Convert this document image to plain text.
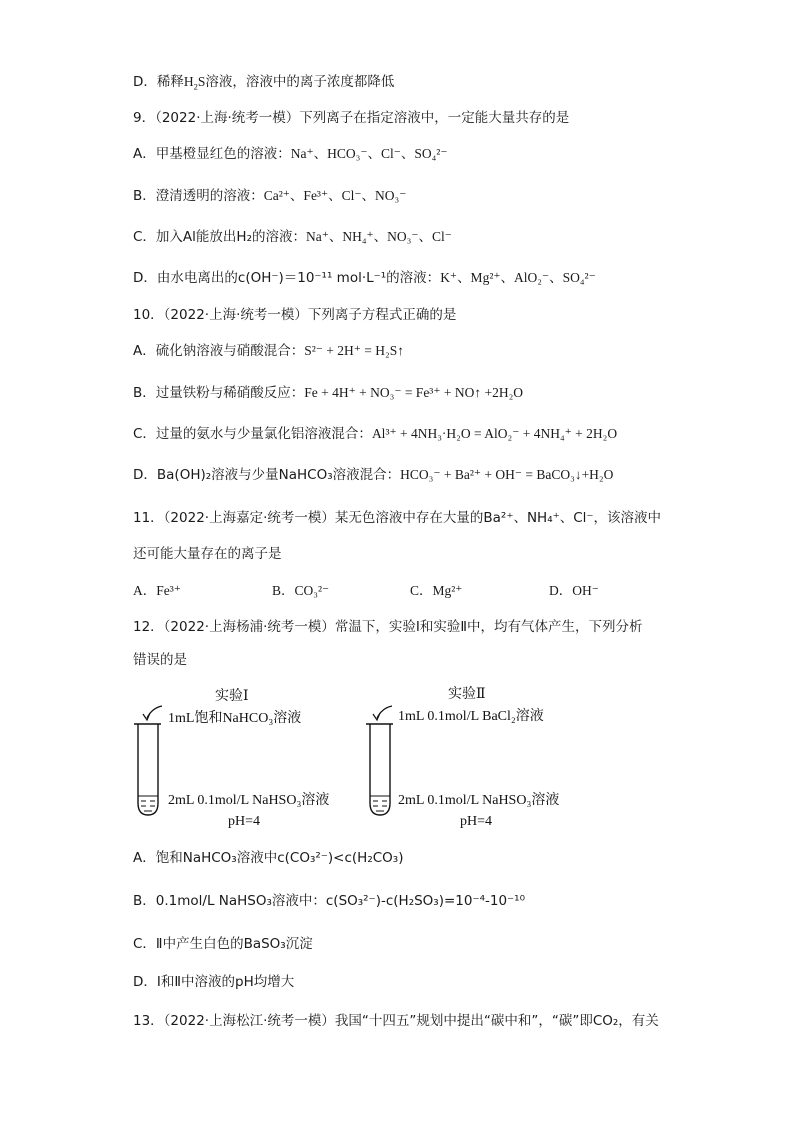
D．稀释$H_2S$溶液，溶液中的离子浓度都降低
9．（2022·上海·统考一模）下列离子在指定溶液中，一定能大量共存的是
A．甲基橙显红色的溶液：Na⁺、HCO₃⁻、Cl⁻、SO₄²⁻
B．澄清透明的溶液：Ca²⁺、Fe³⁺、Cl⁻、NO₃⁻
C．加入Al能放出H₂的溶液：Na⁺、NH₄⁺、NO₃⁻、Cl⁻
D．由水电离出的c(OH⁻)＝10⁻¹¹ mol·L⁻¹的溶液：K⁺、Mg²⁺、AlO₂⁻、SO₄²⁻
10．（2022·上海·统考一模）下列离子方程式正确的是
A．硫化钠溶液与硝酸混合：S²⁻ + 2H⁺ = H₂S↑
B．过量铁粉与稀硝酸反应：Fe + 4H⁺ + NO₃⁻ = Fe³⁺ + NO↑ +2H₂O
C．过量的氨水与少量氯化铝溶液混合：Al³⁺ + 4NH₃·H₂O = AlO₂⁻ + 4NH₄⁺ + 2H₂O
D．Ba(OH)₂溶液与少量NaHCO₃溶液混合：HCO₃⁻ + Ba²⁺ + OH⁻ = BaCO₃↓+H₂O
11．（2022·上海嘉定·统考一模）某无色溶液中存在大量的Ba²⁺、NH₄⁺、Cl⁻，该溶液中
还可能大量存在的离子是
A．Fe³⁺	B．CO₃²⁻	C．Mg²⁺	D．OH⁻
12．（2022·上海杨浦·统考一模）常温下，实验Ⅰ和实验Ⅱ中，均有气体产生，下列分析
错误的是
实验Ⅰ
1mL饱和NaHCO₃溶液
2mL 0.1mol/L NaHSO₃溶液
pH=4
实验Ⅱ
1mL 0.1mol/L BaCl₂溶液
2mL 0.1mol/L NaHSO₃溶液
pH=4
A．饱和NaHCO₃溶液中c(CO₃²⁻)<c(H₂CO₃)
B．0.1mol/L NaHSO₃溶液中：c(SO₃²⁻)-c(H₂SO₃)=10⁻⁴-10⁻¹⁰
C．Ⅱ中产生白色的BaSO₃沉淀
D．Ⅰ和Ⅱ中溶液的pH均增大
13．（2022·上海松江·统考一模）我国“十四五”规划中提出“碳中和”，“碳”即CO₂，有关
